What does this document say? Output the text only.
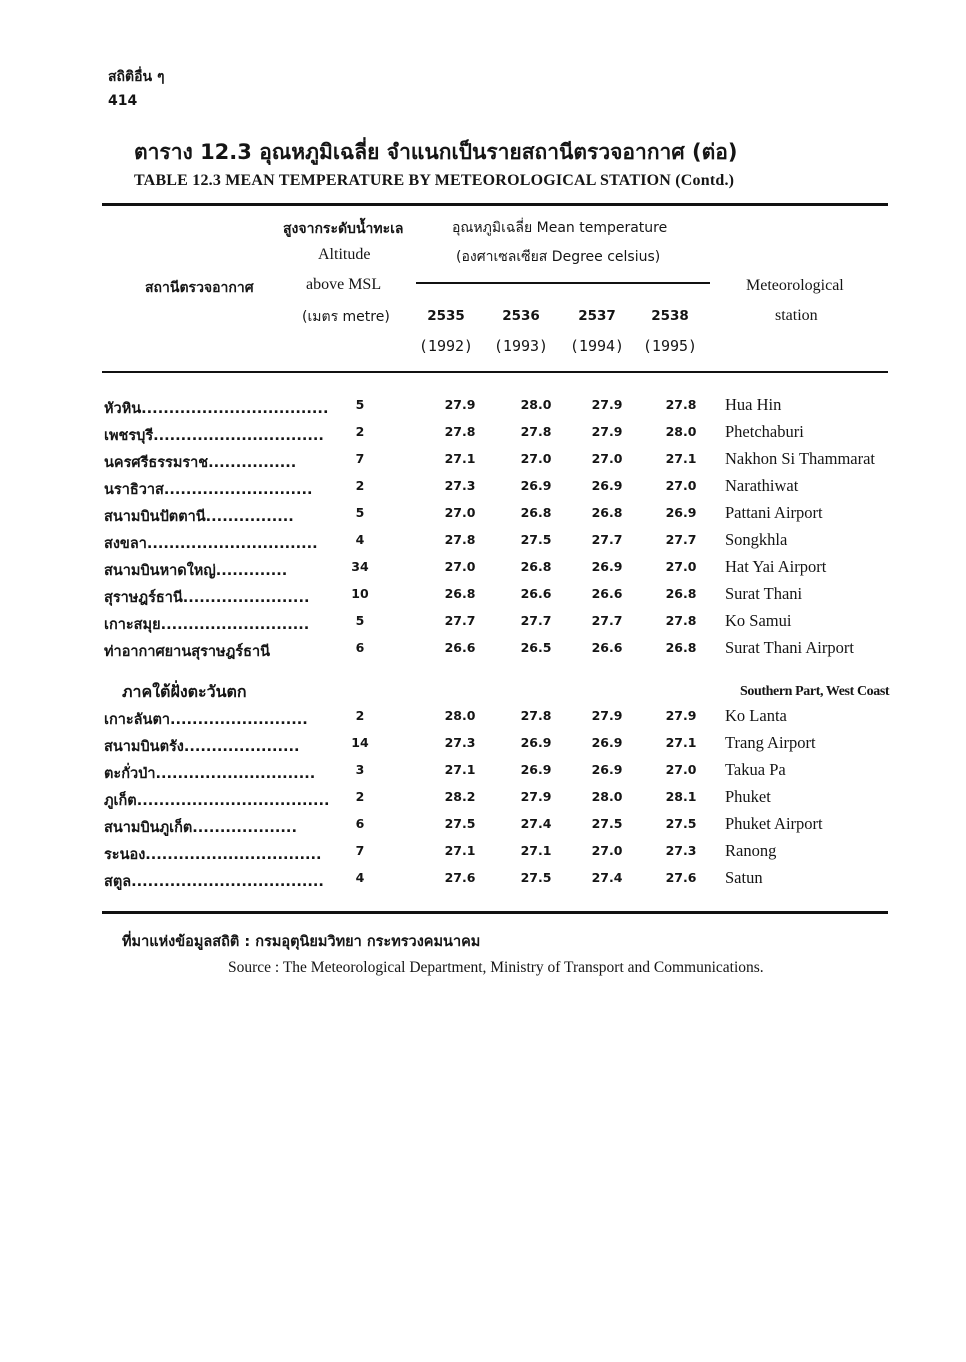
สถิติอื่น ๆ
414
ตาราง 12.3 อุณหภูมิเฉลี่ย จำแนกเป็นรายสถานีตรวจอากาศ (ต่อ)
TABLE 12.3 MEAN TEMPERATURE BY METEOROLOGICAL STATION (Contd.)
สถานีตรวจอากาศ
สูงจากระดับน้ำทะเล
Altitude
above MSL
(เมตร metre)
อุณหภูมิเฉลี่ย Mean temperature
(องศาเซลเซียส Degree celsius)
2535	2536	2537	2538
(1992)	(1993)	(1994)	(1995)
Meteorological
station
หัวหิน..................................	5	27.9	28.0	27.9	27.8	Hua Hin
เพชรบุรี...............................	2	27.8	27.8	27.9	28.0	Phetchaburi
นครศรีธรรมราช................	7	27.1	27.0	27.0	27.1	Nakhon Si Thammarat
นราธิวาส...........................	2	27.3	26.9	26.9	27.0	Narathiwat
สนามบินปัตตานี................	5	27.0	26.8	26.8	26.9	Pattani Airport
สงขลา...............................	4	27.8	27.5	27.7	27.7	Songkhla
สนามบินหาดใหญ่.............	34	27.0	26.8	26.9	27.0	Hat Yai Airport
สุราษฎร์ธานี.......................	10	26.8	26.6	26.6	26.8	Surat Thani
เกาะสมุย...........................	5	27.7	27.7	27.7	27.8	Ko Samui
ท่าอากาศยานสุราษฎร์ธานี	6	26.6	26.5	26.6	26.8	Surat Thani Airport
ภาคใต้ฝั่งตะวันตก	Southern Part, West Coast
เกาะลันตา.........................	2	28.0	27.8	27.9	27.9	Ko Lanta
สนามบินตรัง.....................	14	27.3	26.9	26.9	27.1	Trang Airport
ตะกั่วป่า.............................	3	27.1	26.9	26.9	27.0	Takua Pa
ภูเก็ต...................................	2	28.2	27.9	28.0	28.1	Phuket
สนามบินภูเก็ต...................	6	27.5	27.4	27.5	27.5	Phuket Airport
ระนอง................................	7	27.1	27.1	27.0	27.3	Ranong
สตูล...................................	4	27.6	27.5	27.4	27.6	Satun
ที่มาแห่งข้อมูลสถิติ : กรมอุตุนิยมวิทยา กระทรวงคมนาคม
Source : The Meteorological Department, Ministry of Transport and Communications.
